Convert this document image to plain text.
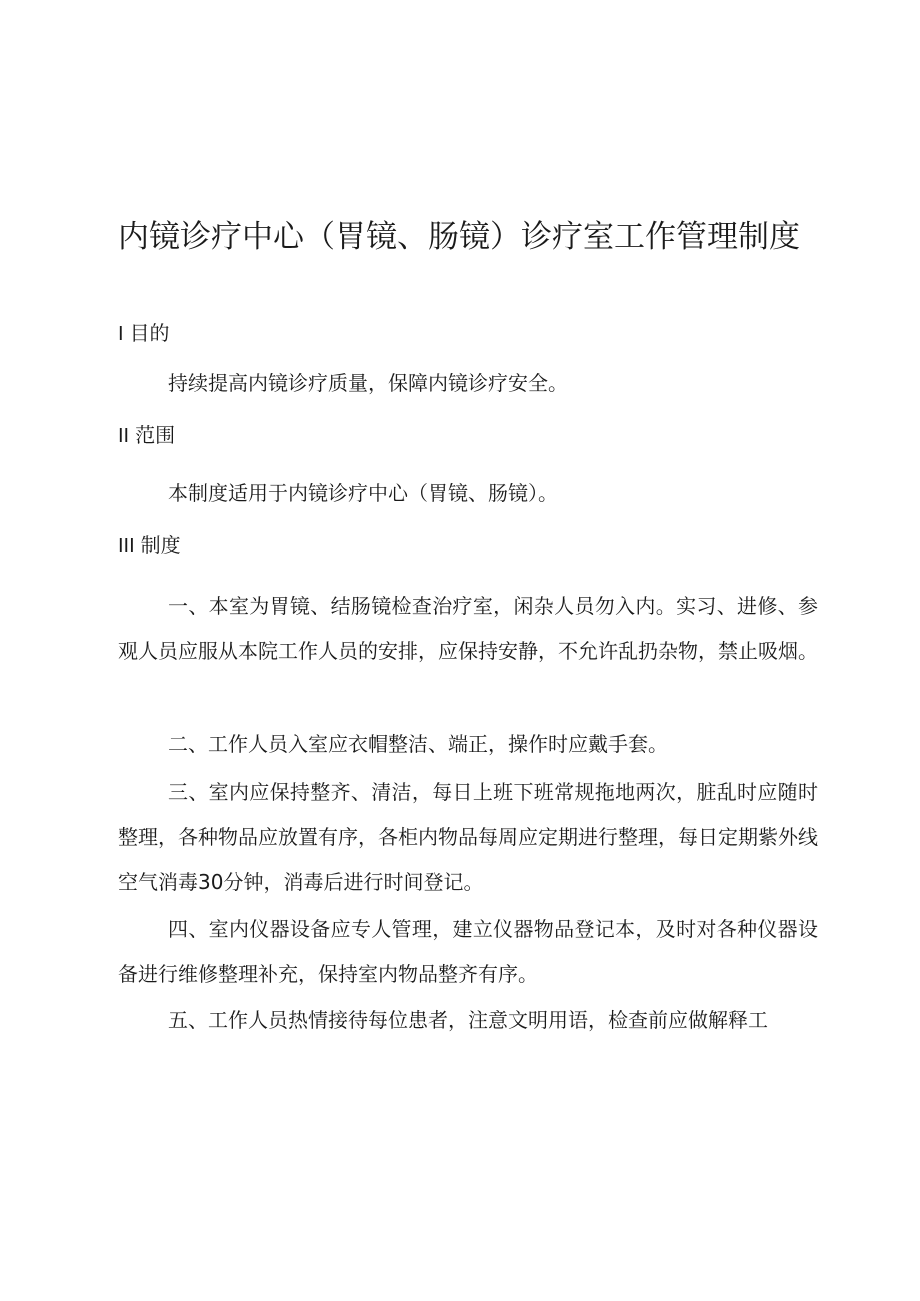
内镜诊疗中心（胃镜、肠镜）诊疗室工作管理制度
I 目的

持续提高内镜诊疗质量，保障内镜诊疗安全。

II 范围

本制度适用于内镜诊疗中心（胃镜、肠镜）。

III 制度

一、本室为胃镜、结肠镜检查治疗室，闲杂人员勿入内。实习、进修、参观人员应服从本院工作人员的安排，应保持安静，不允许乱扔杂物，禁止吸烟。

二、工作人员入室应衣帽整洁、端正，操作时应戴手套。

三、室内应保持整齐、清洁，每日上班下班常规拖地两次，脏乱时应随时整理，各种物品应放置有序，各柜内物品每周应定期进行整理，每日定期紫外线空气消毒30分钟，消毒后进行时间登记。

四、室内仪器设备应专人管理，建立仪器物品登记本，及时对各种仪器设备进行维修整理补充，保持室内物品整齐有序。

五、工作人员热情接待每位患者，注意文明用语，检查前应做解释工
